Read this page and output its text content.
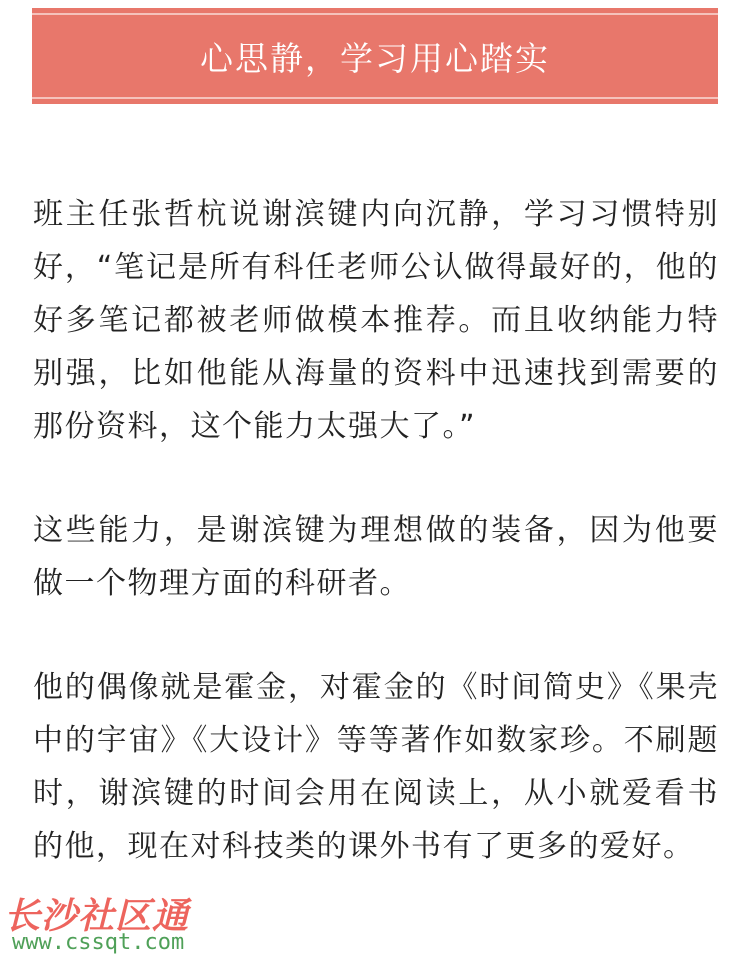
心思静，学习用心踏实

班主任张哲杭说谢滨键内向沉静，学习习惯特别好，“笔记是所有科任老师公认做得最好的，他的好多笔记都被老师做模本推荐。而且收纳能力特别强，比如他能从海量的资料中迅速找到需要的那份资料，这个能力太强大了。”

这些能力，是谢滨键为理想做的装备，因为他要做一个物理方面的科研者。

他的偶像就是霍金，对霍金的《时间简史》《果壳中的宇宙》《大设计》等等著作如数家珍。不刷题时，谢滨键的时间会用在阅读上，从小就爱看书的他，现在对科技类的课外书有了更多的爱好。

长沙社区通
www.cssqt.com
